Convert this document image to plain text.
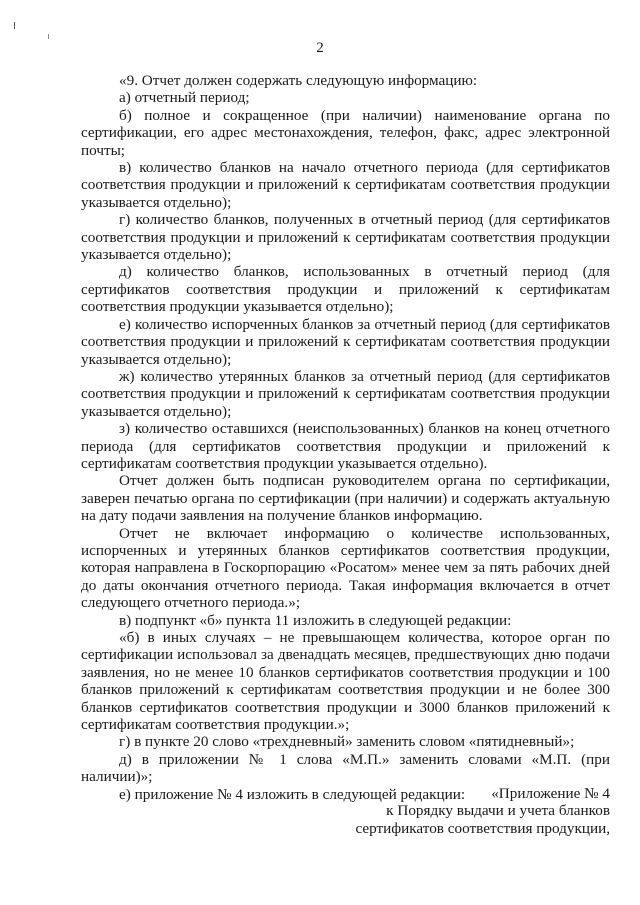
2

«9. Отчет должен содержать следующую информацию:

а) отчетный период;

б) полное и сокращенное (при наличии) наименование органа по сертификации, его адрес местонахождения, телефон, факс, адрес электронной почты;

в) количество бланков на начало отчетного периода (для сертификатов соответствия продукции и приложений к сертификатам соответствия продукции указывается отдельно);

г) количество бланков, полученных в отчетный период (для сертификатов соответствия продукции и приложений к сертификатам соответствия продукции указывается отдельно);

д) количество бланков, использованных в отчетный период (для сертификатов соответствия продукции и приложений к сертификатам соответствия продукции указывается отдельно);

е) количество испорченных бланков за отчетный период (для сертификатов соответствия продукции и приложений к сертификатам соответствия продукции указывается отдельно);

ж) количество утерянных бланков за отчетный период (для сертификатов соответствия продукции и приложений к сертификатам соответствия продукции указывается отдельно);

з) количество оставшихся (неиспользованных) бланков на конец отчетного периода (для сертификатов соответствия продукции и приложений к сертификатам соответствия продукции указывается отдельно).

Отчет должен быть подписан руководителем органа по сертификации, заверен печатью органа по сертификации (при наличии) и содержать актуальную на дату подачи заявления на получение бланков информацию.

Отчет не включает информацию о количестве использованных, испорченных и утерянных бланков сертификатов соответствия продукции, которая направлена в Госкорпорацию «Росатом» менее чем за пять рабочих дней до даты окончания отчетного периода. Такая информация включается в отчет следующего отчетного периода.»;

в) подпункт «б» пункта 11 изложить в следующей редакции:

«б) в иных случаях – не превышающем количества, которое орган по сертификации использовал за двенадцать месяцев, предшествующих дню подачи заявления, но не менее 10 бланков сертификатов соответствия продукции и 100 бланков приложений к сертификатам соответствия продукции и не более 300 бланков сертификатов соответствия продукции и 3000 бланков приложений к сертификатам соответствия продукции.»;

г) в пункте 20 слово «трехдневный» заменить словом «пятидневный»;

д) в приложении № 1 слова «М.П.» заменить словами «М.П. (при наличии)»;

е) приложение № 4 изложить в следующей редакции:	«Приложение № 4
к Порядку выдачи и учета бланков
сертификатов соответствия продукции,
